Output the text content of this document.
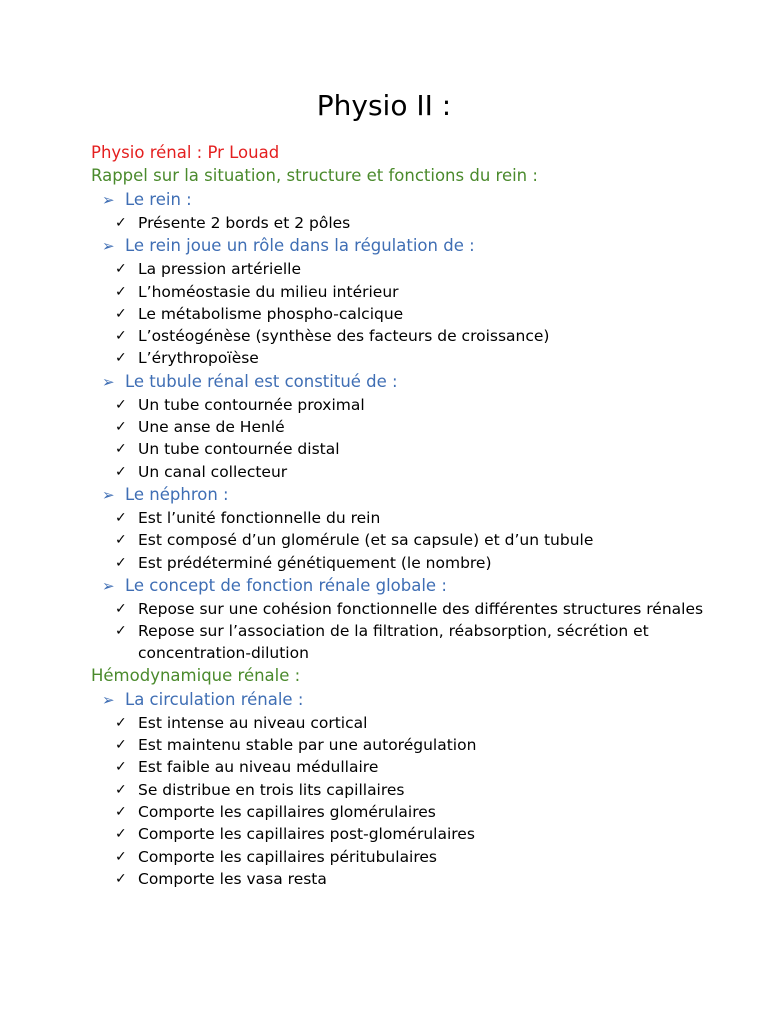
Physio II :
Physio rénal : Pr Louad
Rappel sur la situation, structure et fonctions du rein :
➢ Le rein :
✓ Présente 2 bords et 2 pôles
➢ Le rein joue un rôle dans la régulation de :
✓ La pression artérielle
✓ L’homéostasie du milieu intérieur
✓ Le métabolisme phospho-calcique
✓ L’ostéogénèse (synthèse des facteurs de croissance)
✓ L’érythropoïèse
➢ Le tubule rénal est constitué de :
✓ Un tube contournée proximal
✓ Une anse de Henlé
✓ Un tube contournée distal
✓ Un canal collecteur
➢ Le néphron :
✓ Est l’unité fonctionnelle du rein
✓ Est composé d’un glomérule (et sa capsule) et d’un tubule
✓ Est prédéterminé génétiquement (le nombre)
➢ Le concept de fonction rénale globale :
✓ Repose sur une cohésion fonctionnelle des différentes structures rénales
✓ Repose sur l’association de la filtration, réabsorption, sécrétion et concentration-dilution
Hémodynamique rénale :
➢ La circulation rénale :
✓ Est intense au niveau cortical
✓ Est maintenu stable par une autorégulation
✓ Est faible au niveau médullaire
✓ Se distribue en trois lits capillaires
✓ Comporte les capillaires glomérulaires
✓ Comporte les capillaires post-glomérulaires
✓ Comporte les capillaires péritubulaires
✓ Comporte les vasa resta
